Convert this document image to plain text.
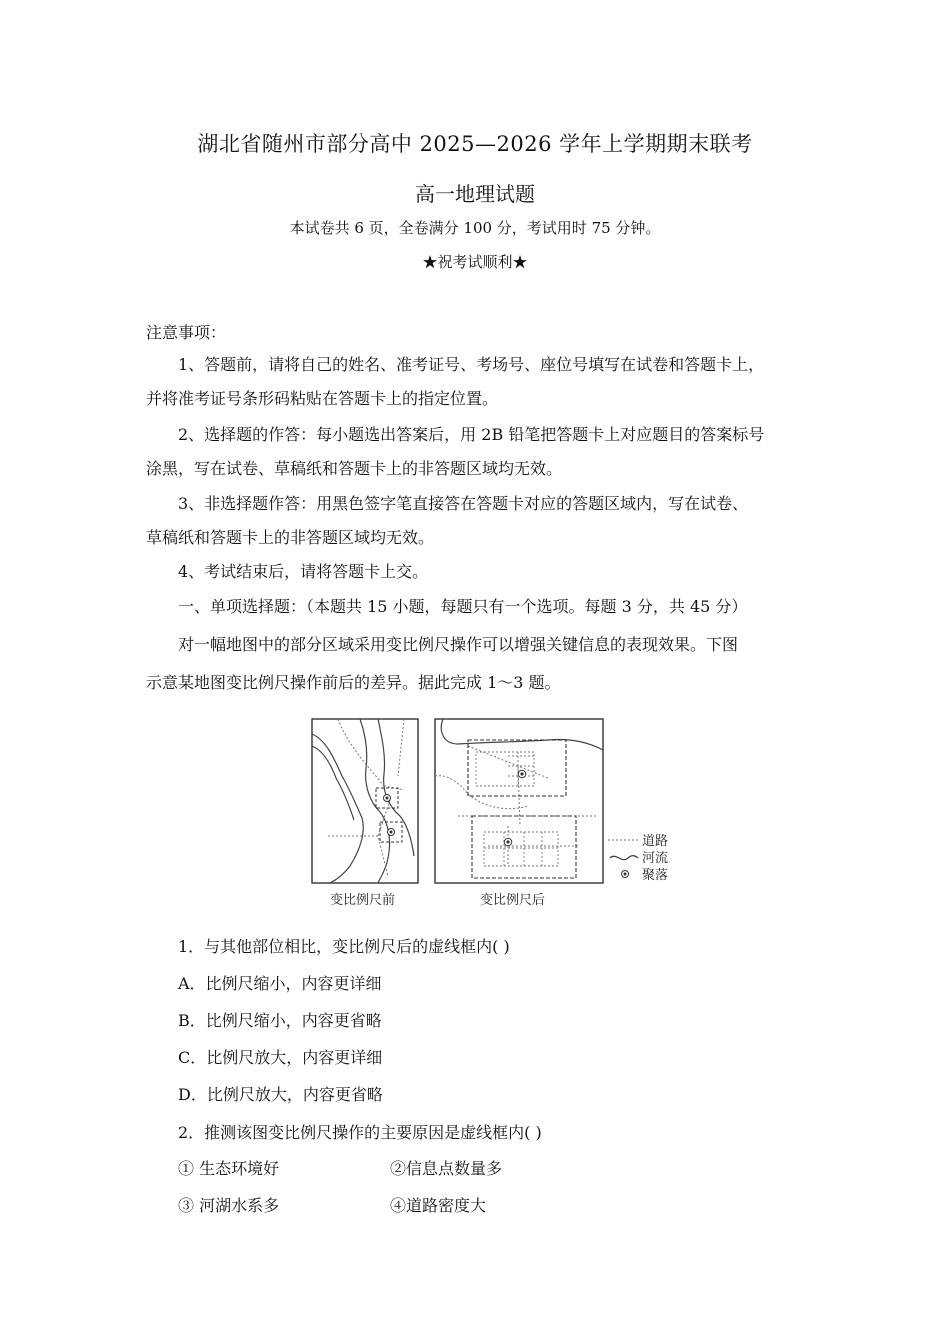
湖北省随州市部分高中 2025—2026 学年上学期期末联考
高一地理试题
本试卷共 6 页，全卷满分 100 分，考试用时 75 分钟。
★祝考试顺利★
注意事项：
1、答题前，请将自己的姓名、准考证号、考场号、座位号填写在试卷和答题卡上，
并将准考证号条形码粘贴在答题卡上的指定位置。
2、选择题的作答：每小题选出答案后，用 2B 铅笔把答题卡上对应题目的答案标号
涂黑，写在试卷、草稿纸和答题卡上的非答题区域均无效。
3、非选择题作答：用黑色签字笔直接答在答题卡对应的答题区域内，写在试卷、
草稿纸和答题卡上的非答题区域均无效。
4、考试结束后，请将答题卡上交。
一、单项选择题：（本题共 15 小题，每题只有一个选项。每题 3 分，共 45 分）
对一幅地图中的部分区域采用变比例尺操作可以增强关键信息的表现效果。下图
示意某地图变比例尺操作前后的差异。据此完成 1～3 题。
道路
河流
聚落
变比例尺前	变比例尺后
1．与其他部位相比，变比例尺后的虚线框内( )
A．比例尺缩小，内容更详细
B．比例尺缩小，内容更省略
C．比例尺放大，内容更详细
D．比例尺放大，内容更省略
2．推测该图变比例尺操作的主要原因是虚线框内( )
① 生态环境好	②信息点数量多
③ 河湖水系多	④道路密度大
